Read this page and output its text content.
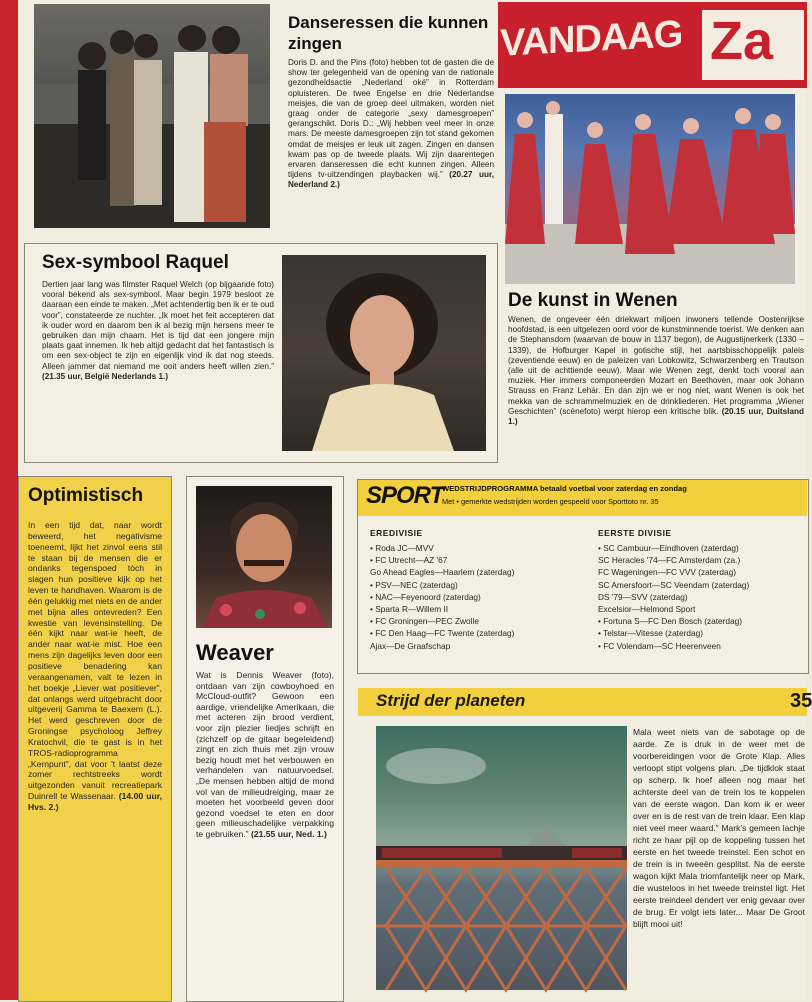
Danseressen die kunnen zingen
Doris D. and the Pins (foto) hebben tot de gasten die de show ter gelegenheid van de opening van de nationale gezondheidsactie „Nederland oké” in Rotterdam opluisteren. De twee Engelse en drie Nederlandse meisjes, die van de groep deel uitmaken, worden niet graag onder de categorie „sexy damesgroepen” gerangschikt. Doris D.: „Wij hebben veel meer in onze mars. De meeste damesgroepen zijn tot stand gekomen omdat de meisjes er leuk uit zagen. Zingen en dansen kwam pas op de tweede plaats. Wij zijn daarentegen ervaren danseressen die echt kunnen zingen. Alleen tijdens tv-uitzendingen playbacken wij.” (20.27 uur, Nederland 2.)
VANDAAG Za
De kunst in Wenen
Wenen, de ongeveer één driekwart miljoen inwoners tellende Oostenrijkse hoofdstad, is een uitgelezen oord voor de kunstminnende toerist. We denken aan de Stephansdom (waarvan de bouw in 1137 begon), de Augustijnerkerk (1330 – 1339), de Hofburger Kapel in gotische stijl, het aartsbisschoppelijk paleis (zeventiende eeuw) en de paleizen van Lobkowitz, Schwarzenberg en Trautson (alle uit de achttiende eeuw). Maar wie Wenen zegt, denkt toch vooral aan muziek. Hier immers componeerden Mozart en Beethoven, maar ook Johann Strauss en Franz Lehár. En dan zijn we er nog niet, want Wenen is ook het mekka van de schrammelmuziek en de drinkliederen. Het programma „Wiener Geschichten” (scènefoto) werpt hierop een kritische blik. (20.15 uur, Duitsland 1.)
Sex-symbool Raquel
Dertien jaar lang was filmster Raquel Welch (op bijgaande foto) vooral bekend als sex-symbool. Maar begin 1979 besloot ze daaraan een einde te maken. „Met achtendertig ben ik er te oud voor”, constateerde ze nuchter. „Ik moet het feit accepteren dat ik ouder word en daarom ben ik al bezig mijn hersens meer te gebruiken dan mijn chaam. Het is tijd dat een jongere mijn plaats gaat innemen. Ik heb altijd gedacht dat het fantastisch is om een sex-object te zijn en eigenlijk vind ik dat nog steeds. Alleen jammer dat niemand me ooit anders heeft willen zien.” (21.35 uur, België Nederlands 1.)
Optimistisch
In een tijd dat, naar wordt beweerd, het negativisme toeneemt, lijkt het zinvol eens stil te staan bij de mensen die er ondanks tegenspoed tòch in slagen hun positieve kijk op het leven te handhaven. Waarom is de één gelukkig met niets en de ander met bijna alles ontevreden? Een kwestie van levensinstelling. De één kijkt naar wat-ie heeft, de ander naar wat-ie mist. Hoe een mens zijn dagelijks leven door een positieve benadering kan veraangenamen, valt te lezen in het boekje „Liever wat positiever”, dat onlangs werd uitgebracht door uitgeverij Gamma te Baexem (L.). Het werd geschreven door de Groningse psycholoog Jeffrey Kratochvil, die te gast is in het TROS-radioprogramma „Kernpunt”, dat voor 't laatst deze zomer rechtstreeks wordt uitgezonden vanuit recreatiepark Duinrell te Wassenaar. (14.00 uur, Hvs. 2.)
Weaver
Wat is Dennis Weaver (foto), ontdaan van zijn cowboyhoed en McCloud-outfit? Gewoon een aardige, vriendelijke Amerikaan, die met acteren zijn brood verdient, voor zijn plezier liedjes schrijft en (zichzelf op de gitaar begeleidend) zingt en zich thuis met zijn vrouw bezig houdt met het verbouwen en verhandelen van natuurvoedsel. „De mensen hebben altijd de mond vol van de milieudreiging, maar ze moeten het voorbeeld geven door gezond voedsel te eten en door geen milieuschadelijke verpakking te gebruiken.” (21.55 uur, Ned. 1.)
SPORT
WEDSTRIJDPROGRAMMA betaald voetbal voor zaterdag en zondag
Met • gemerkte wedstrijden worden gespeeld voor Sporttoto nr. 35
EREDIVISIE
• Roda JC—MVV
• FC Utrecht—AZ '67
Go Ahead Eagles—Haarlem (zaterdag)
• PSV—NEC (zaterdag)
• NAC—Feyenoord (zaterdag)
• Sparta R—Willem II
• FC Groningen—PEC Zwolle
• FC Den Haag—FC Twente (zaterdag)
Ajax—De Graafschap
EERSTE DIVISIE
• SC Cambuur—Eindhoven (zaterdag)
SC Heracles '74—FC Amsterdam (za.)
FC Wageningen—FC VVV (zaterdag)
SC Amersfoort—SC Veendam (zaterdag)
DS '79—SVV (zaterdag)
Excelsior—Helmond Sport
• Fortuna S—FC Den Bosch (zaterdag)
• Telstar—Vitesse (zaterdag)
• FC Volendam—SC Heerenveen
Strijd der planeten	35
Mala weet niets van de sabotage op de aarde. Ze is druk in de weer met de voorbereidingen voor de Grote Klap. Alles verloopt stipt volgens plan. „De tijdklok staat op scherp. Ik hoef alleen nog maar het achterste deel van de trein los te koppelen van de eerste wagon. Dan kom ik er weer over en is de rest van de trein klaar. Een klap niet veel meer waard.” Mark’s gemeen lachje richt ze haar pijl op de koppeling tussen het eerste en het tweede treinstel. Een schot en de trein is in tweeën gesplitst. Na de eerste wagon kijkt Mala triomfantelijk neer op Mark, die wusteloos in het tweede treinstel ligt. Het eerste treindeel dendert ver enig gevaar over de brug. Er volgt iets later... Maar De Groot blijft mooi uit!
